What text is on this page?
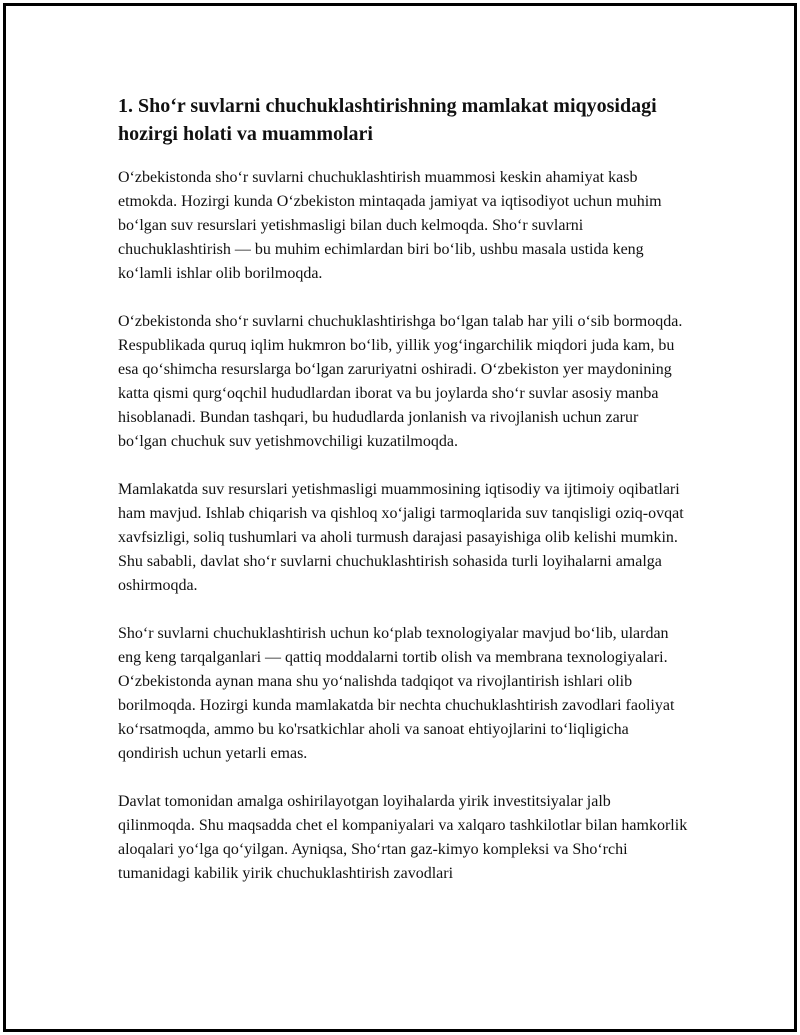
1. Sho‘r suvlarni chuchuklashtirishning mamlakat miqyosidagi hozirgi holati va muammolari

O‘zbekistonda sho‘r suvlarni chuchuklashtirish muammosi keskin ahamiyat kasb etmokda. Hozirgi kunda O‘zbekiston mintaqada jamiyat va iqtisodiyot uchun muhim bo‘lgan suv resurslari yetishmasligi bilan duch kelmoqda. Sho‘r suvlarni chuchuklashtirish — bu muhim echimlardan biri bo‘lib, ushbu masala ustida keng ko‘lamli ishlar olib borilmoqda.

O‘zbekistonda sho‘r suvlarni chuchuklashtirishga bo‘lgan talab har yili o‘sib bormoqda. Respublikada quruq iqlim hukmron bo‘lib, yillik yog‘ingarchilik miqdori juda kam, bu esa qo‘shimcha resurslarga bo‘lgan zaruriyatni oshiradi. O‘zbekiston yer maydonining katta qismi qurg‘oqchil hududlardan iborat va bu joylarda sho‘r suvlar asosiy manba hisoblanadi. Bundan tashqari, bu hududlarda jonlanish va rivojlanish uchun zarur bo‘lgan chuchuk suv yetishmovchiligi kuzatilmoqda.

Mamlakatda suv resurslari yetishmasligi muammosining iqtisodiy va ijtimoiy oqibatlari ham mavjud. Ishlab chiqarish va qishloq xo‘jaligi tarmoqlarida suv tanqisligi oziq-ovqat xavfsizligi, soliq tushumlari va aholi turmush darajasi pasayishiga olib kelishi mumkin. Shu sababli, davlat sho‘r suvlarni chuchuklashtirish sohasida turli loyihalarni amalga oshirmoqda.

Sho‘r suvlarni chuchuklashtirish uchun ko‘plab texnologiyalar mavjud bo‘lib, ulardan eng keng tarqalganlari — qattiq moddalarni tortib olish va membrana texnologiyalari. O‘zbekistonda aynan mana shu yo‘nalishda tadqiqot va rivojlantirish ishlari olib borilmoqda. Hozirgi kunda mamlakatda bir nechta chuchuklashtirish zavodlari faoliyat ko‘rsatmoqda, ammo bu ko'rsatkichlar aholi va sanoat ehtiyojlarini to‘liqligicha qondirish uchun yetarli emas.

Davlat tomonidan amalga oshirilayotgan loyihalarda yirik investitsiyalar jalb qilinmoqda. Shu maqsadda chet el kompaniyalari va xalqaro tashkilotlar bilan hamkorlik aloqalari yo‘lga qo‘yilgan. Ayniqsa, Sho‘rtan gaz-kimyo kompleksi va Sho‘rchi tumanidagi kabilik yirik chuchuklashtirish zavodlari
